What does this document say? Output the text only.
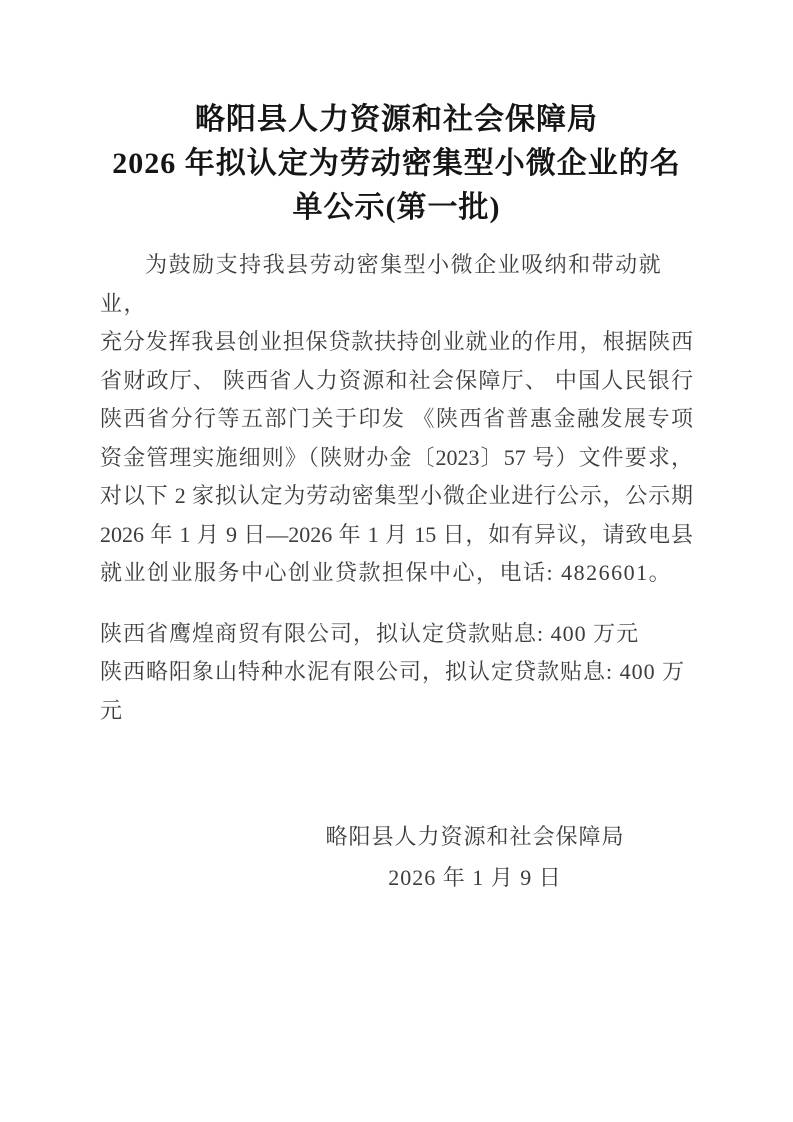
略阳县人力资源和社会保障局
2026 年拟认定为劳动密集型小微企业的名
单公示(第一批)
为鼓励支持我县劳动密集型小微企业吸纳和带动就业，
充分发挥我县创业担保贷款扶持创业就业的作用，根据陕西
省财政厅、 陕西省人力资源和社会保障厅、 中国人民银行
陕西省分行等五部门关于印发 《陕西省普惠金融发展专项
资金管理实施细则》（陕财办金〔2023〕57 号）文件要求，
对以下 2 家拟认定为劳动密集型小微企业进行公示，公示期
2026 年 1 月 9 日—2026 年 1 月 15 日，如有异议，请致电县
就业创业服务中心创业贷款担保中心，电话: 4826601。
陕西省鹰煌商贸有限公司，拟认定贷款贴息: 400 万元
陕西略阳象山特种水泥有限公司，拟认定贷款贴息: 400 万元
略阳县人力资源和社会保障局
2026 年 1 月 9 日
